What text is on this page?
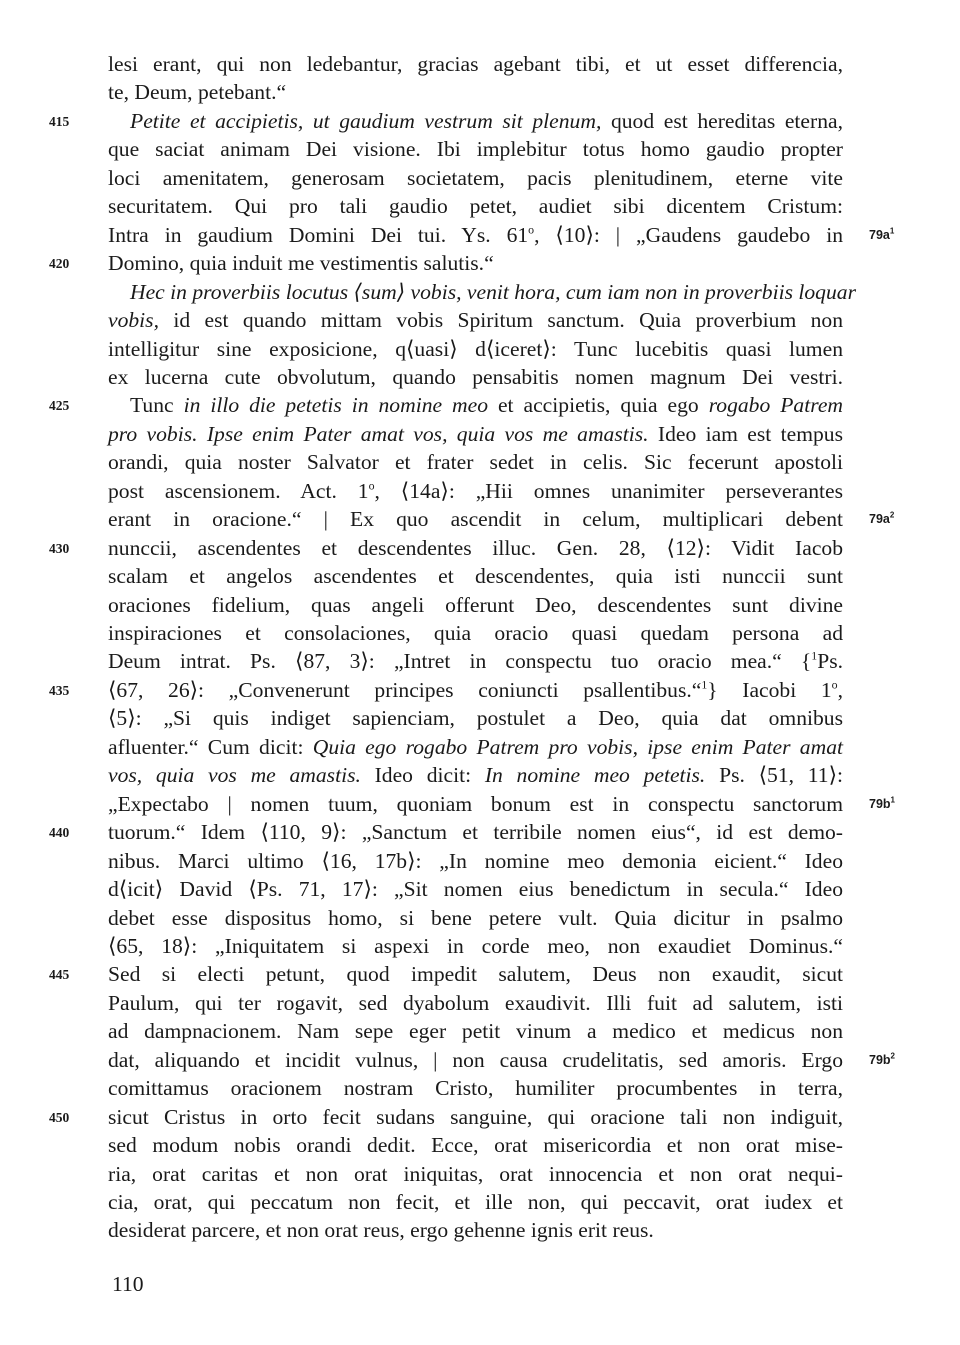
lesi erant, qui non ledebantur, gracias agebant tibi, et ut esset differencia,
te, Deum, petebant.“
Petite et accipietis, ut gaudium vestrum sit plenum, quod est hereditas eterna,
que saciat animam Dei visione. Ibi implebitur totus homo gaudio propter
loci amenitatem, generosam societatem, pacis plenitudinem, eterne vite
securitatem. Qui pro tali gaudio petet, audiet sibi dicentem Cristum:
Intra in gaudium Domini Dei tui. Ys. 61$^o$, ⟨10⟩: | „Gaudens gaudebo in
Domino, quia induit me vestimentis salutis.“
Hec in proverbiis locutus ⟨sum⟩ vobis, venit hora, cum iam non in proverbiis loquar
vobis, id est quando mittam vobis Spiritum sanctum. Quia proverbium non
intelligitur sine exposicione, q⟨uasi⟩ d⟨iceret⟩: Tunc lucebitis quasi lumen
ex lucerna cute obvolutum, quando pensabitis nomen magnum Dei vestri.
Tunc in illo die petetis in nomine meo et accipietis, quia ego rogabo Patrem
pro vobis. Ipse enim Pater amat vos, quia vos me amastis. Ideo iam est tempus
orandi, quia noster Salvator et frater sedet in celis. Sic fecerunt apostoli
post ascensionem. Act. 1$^o$, ⟨14a⟩: „Hii omnes unanimiter perseverantes
erant in oracione.“ | Ex quo ascendit in celum, multiplicari debent
nunccii, ascendentes et descendentes illuc. Gen. 28, ⟨12⟩: Vidit Iacob
scalam et angelos ascendentes et descendentes, quia isti nunccii sunt
oraciones fidelium, quas angeli offerunt Deo, descendentes sunt divine
inspiraciones et consolaciones, quia oracio quasi quedam persona ad
Deum intrat. Ps. ⟨87, 3⟩: „Intret in conspectu tuo oracio mea.“ {$^1$Ps.
⟨67, 26⟩: „Convenerunt principes coniuncti psallentibus.“$^1$} Iacobi 1$^o$,
⟨5⟩: „Si quis indiget sapienciam, postulet a Deo, quia dat omnibus
afluenter.“ Cum dicit: Quia ego rogabo Patrem pro vobis, ipse enim Pater amat
vos, quia vos me amastis. Ideo dicit: In nomine meo petetis. Ps. ⟨51, 11⟩:
„Expectabo | nomen tuum, quoniam bonum est in conspectu sanctorum
tuorum.“ Idem ⟨110, 9⟩: „Sanctum et terribile nomen eius“, id est demo-
nibus. Marci ultimo ⟨16, 17b⟩: „In nomine meo demonia eicient.“ Ideo
d⟨icit⟩ David ⟨Ps. 71, 17⟩: „Sit nomen eius benedictum in secula.“ Ideo
debet esse dispositus homo, si bene petere vult. Quia dicitur in psalmo
⟨65, 18⟩: „Iniquitatem si aspexi in corde meo, non exaudiet Dominus.“
Sed si electi petunt, quod impedit salutem, Deus non exaudit, sicut
Paulum, qui ter rogavit, sed dyabolum exaudivit. Illi fuit ad salutem, isti
ad dampnacionem. Nam sepe eger petit vinum a medico et medicus non
dat, aliquando et incidit vulnus, | non causa crudelitatis, sed amoris. Ergo
comittamus oracionem nostram Cristo, humiliter procumbentes in terra,
sicut Cristus in orto fecit sudans sanguine, qui oracione tali non indiguit,
sed modum nobis orandi dedit. Ecce, orat misericordia et non orat mise-
ria, orat caritas et non orat iniquitas, orat innocencia et non orat nequi-
cia, orat, qui peccatum non fecit, et ille non, qui peccavit, orat iudex et
desiderat parcere, et non orat reus, ergo gehenne ignis erit reus.
415
420
425
430
435
440
445
450
$79a^1$
$79a^2$
$79b^1$
$79b^2$
110
